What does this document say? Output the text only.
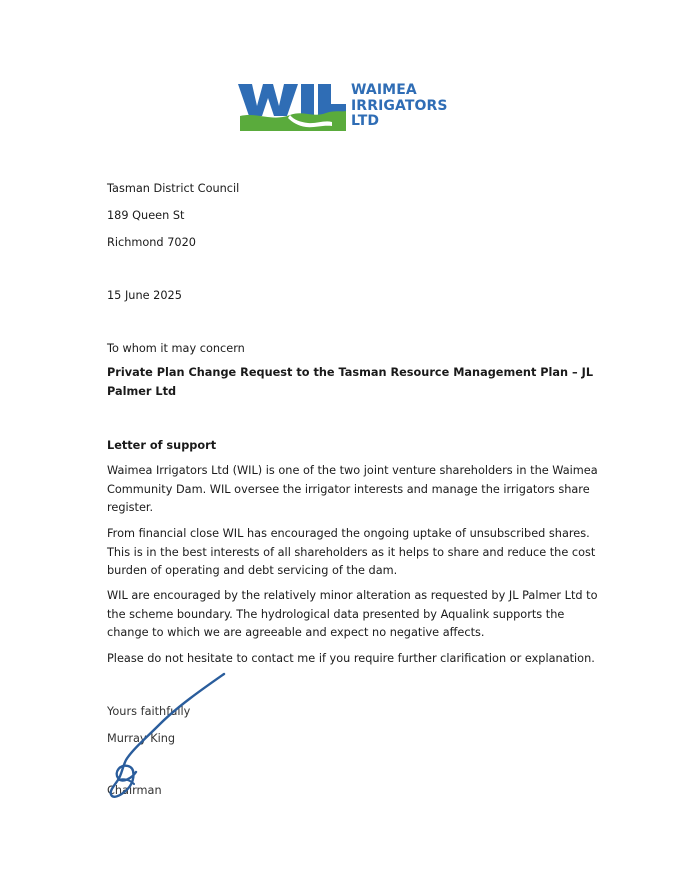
WAIMEA
IRRIGATORS
LTD
Tasman District Council
189 Queen St
Richmond 7020
15 June 2025
To whom it may concern
Private Plan Change Request to the Tasman Resource Management Plan – JL
Palmer Ltd
Letter of support
Waimea Irrigators Ltd (WIL) is one of the two joint venture shareholders in the Waimea
Community Dam. WIL oversee the irrigator interests and manage the irrigators share
register.
From financial close WIL has encouraged the ongoing uptake of unsubscribed shares.
This is in the best interests of all shareholders as it helps to share and reduce the cost
burden of operating and debt servicing of the dam.
WIL are encouraged by the relatively minor alteration as requested by JL Palmer Ltd to
the scheme boundary. The hydrological data presented by Aqualink supports the
change to which we are agreeable and expect no negative affects.
Please do not hesitate to contact me if you require further clarification or explanation.
Yours faithfully
Murray King
Chairman
